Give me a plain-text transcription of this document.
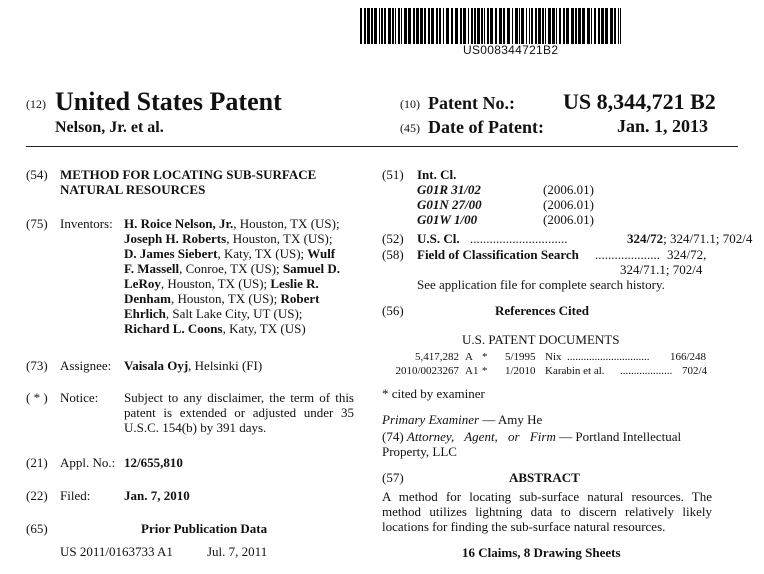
US008344721B2
(12) United States Patent
Nelson, Jr. et al.
(10) Patent No.: US 8,344,721 B2
(45) Date of Patent:	Jan. 1, 2013
(54) METHOD FOR LOCATING SUB-SURFACE
NATURAL RESOURCES
(75) Inventors: H. Roice Nelson, Jr., Houston, TX (US);
Joseph H. Roberts, Houston, TX (US);
D. James Siebert, Katy, TX (US); Wulf
F. Massell, Conroe, TX (US); Samuel D.
LeRoy, Houston, TX (US); Leslie R.
Denham, Houston, TX (US); Robert
Ehrlich, Salt Lake City, UT (US);
Richard L. Coons, Katy, TX (US)
(73) Assignee: Vaisala Oyj, Helsinki (FI)
( * ) Notice: Subject to any disclaimer, the term of this
patent is extended or adjusted under 35
U.S.C. 154(b) by 391 days.
(21) Appl. No.: 12/655,810
(22) Filed:	Jan. 7, 2010
(65)	Prior Publication Data
US 2011/0163733 A1	Jul. 7, 2011
(51) Int. Cl.
G01R 31/02	(2006.01)
G01N 27/00	(2006.01)
G01W 1/00	(2006.01)
(52) U.S. Cl. ..............................	324/72; 324/71.1; 702/4
(58) Field of Classification Search .................... 324/72,
324/71.1; 702/4
See application file for complete search history.
(56)	References Cited
U.S. PATENT DOCUMENTS
5,417,282 A * 5/1995 Nix .............................. 166/248
2010/0023267 A1 * 1/2010 Karabin et al. ................... 702/4
* cited by examiner
Primary Examiner — Amy He
(74) Attorney, Agent, or Firm — Portland Intellectual
Property, LLC
(57)	ABSTRACT
A method for locating sub-surface natural resources. The
method utilizes lightning data to discern relatively likely
locations for finding the sub-surface natural resources.
16 Claims, 8 Drawing Sheets
